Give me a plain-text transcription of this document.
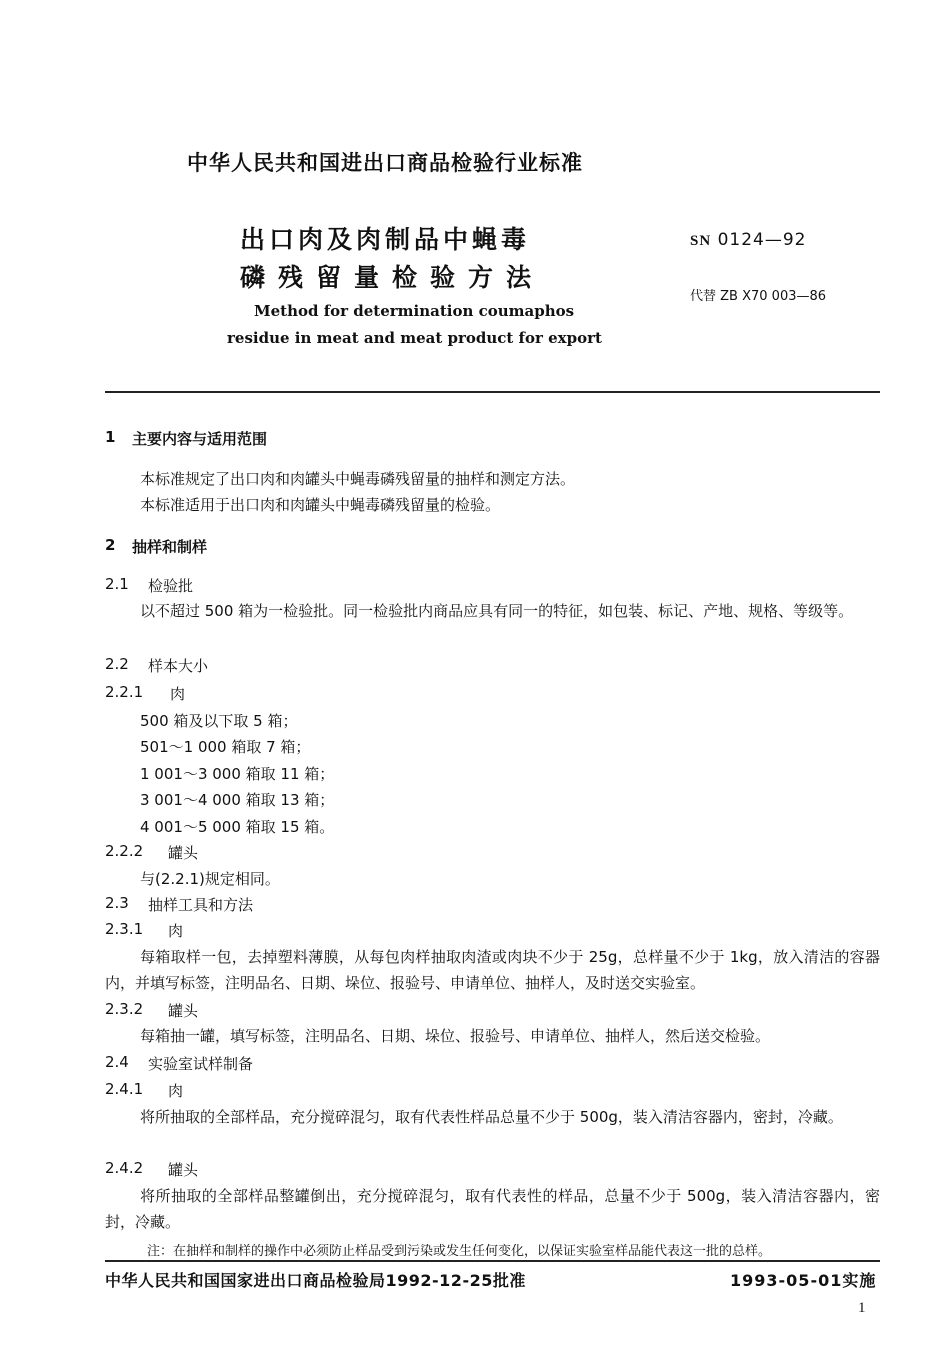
中华人民共和国进出口商品检验行业标准
出口肉及肉制品中蝇毒
磷残留量检验方法
Method for determination coumaphos
residue in meat and meat product for export
SN 0124—92
代替 ZB X70 003—86
1 主要内容与适用范围
本标准规定了出口肉和肉罐头中蝇毒磷残留量的抽样和测定方法。
本标准适用于出口肉和肉罐头中蝇毒磷残留量的检验。
2 抽样和制样
2.1 检验批
以不超过 500 箱为一检验批。同一检验批内商品应具有同一的特征，如包装、标记、产地、规格、等级等。
2.2 样本大小
2.2.1 肉
500 箱及以下取 5 箱；
501～1 000 箱取 7 箱；
1 001～3 000 箱取 11 箱；
3 001～4 000 箱取 13 箱；
4 001～5 000 箱取 15 箱。
2.2.2 罐头
与(2.2.1)规定相同。
2.3 抽样工具和方法
2.3.1 肉
每箱取样一包，去掉塑料薄膜，从每包肉样抽取肉渣或肉块不少于 25g，总样量不少于 1kg，放入清洁的容器内，并填写标签，注明品名、日期、垛位、报验号、申请单位、抽样人，及时送交实验室。
2.3.2 罐头
每箱抽一罐，填写标签，注明品名、日期、垛位、报验号、申请单位、抽样人，然后送交检验。
2.4 实验室试样制备
2.4.1 肉
将所抽取的全部样品，充分搅碎混匀，取有代表性样品总量不少于 500g，装入清洁容器内，密封，冷藏。
2.4.2 罐头
将所抽取的全部样品整罐倒出，充分搅碎混匀，取有代表性的样品，总量不少于 500g，装入清洁容器内，密封，冷藏。
注：在抽样和制样的操作中必须防止样品受到污染或发生任何变化，以保证实验室样品能代表这一批的总样。
中华人民共和国国家进出口商品检验局1992-12-25批准	1993-05-01实施
1
